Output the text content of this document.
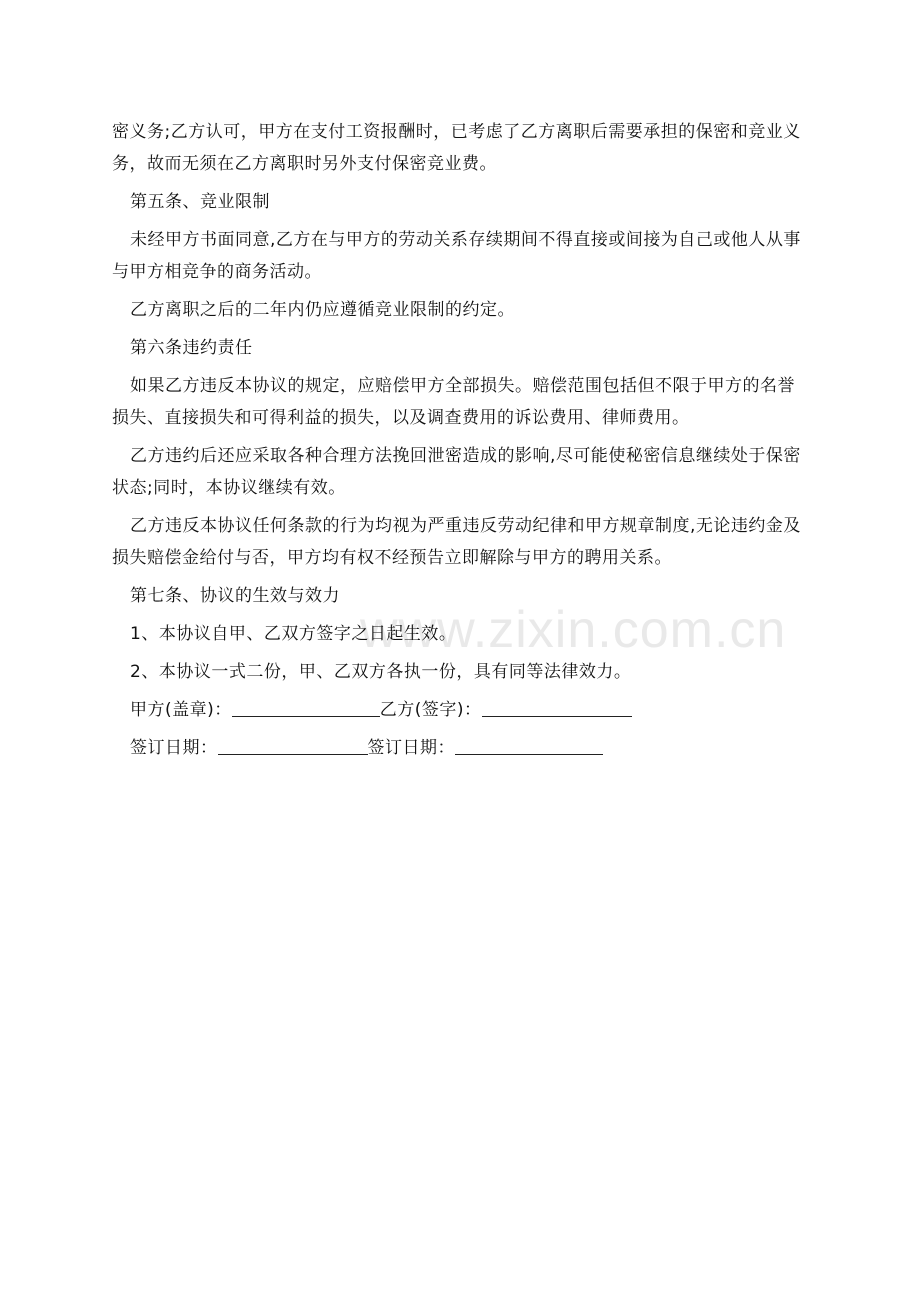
www.zixin.com.cn

密义务;乙方认可，甲方在支付工资报酬时，已考虑了乙方离职后需要承担的保密和竞业义务，故而无须在乙方离职时另外支付保密竞业费。

第五条、竞业限制

未经甲方书面同意,乙方在与甲方的劳动关系存续期间不得直接或间接为自己或他人从事与甲方相竞争的商务活动。

乙方离职之后的二年内仍应遵循竞业限制的约定。

第六条违约责任

如果乙方违反本协议的规定，应赔偿甲方全部损失。赔偿范围包括但不限于甲方的名誉损失、直接损失和可得利益的损失，以及调查费用的诉讼费用、律师费用。

乙方违约后还应采取各种合理方法挽回泄密造成的影响,尽可能使秘密信息继续处于保密状态;同时，本协议继续有效。

乙方违反本协议任何条款的行为均视为严重违反劳动纪律和甲方规章制度,无论违约金及损失赔偿金给付与否，甲方均有权不经预告立即解除与甲方的聘用关系。

第七条、协议的生效与效力

1、本协议自甲、乙双方签字之日起生效。

2、本协议一式二份，甲、乙双方各执一份，具有同等法律效力。

甲方(盖章)：	乙方(签字)：

签订日期：	签订日期：
